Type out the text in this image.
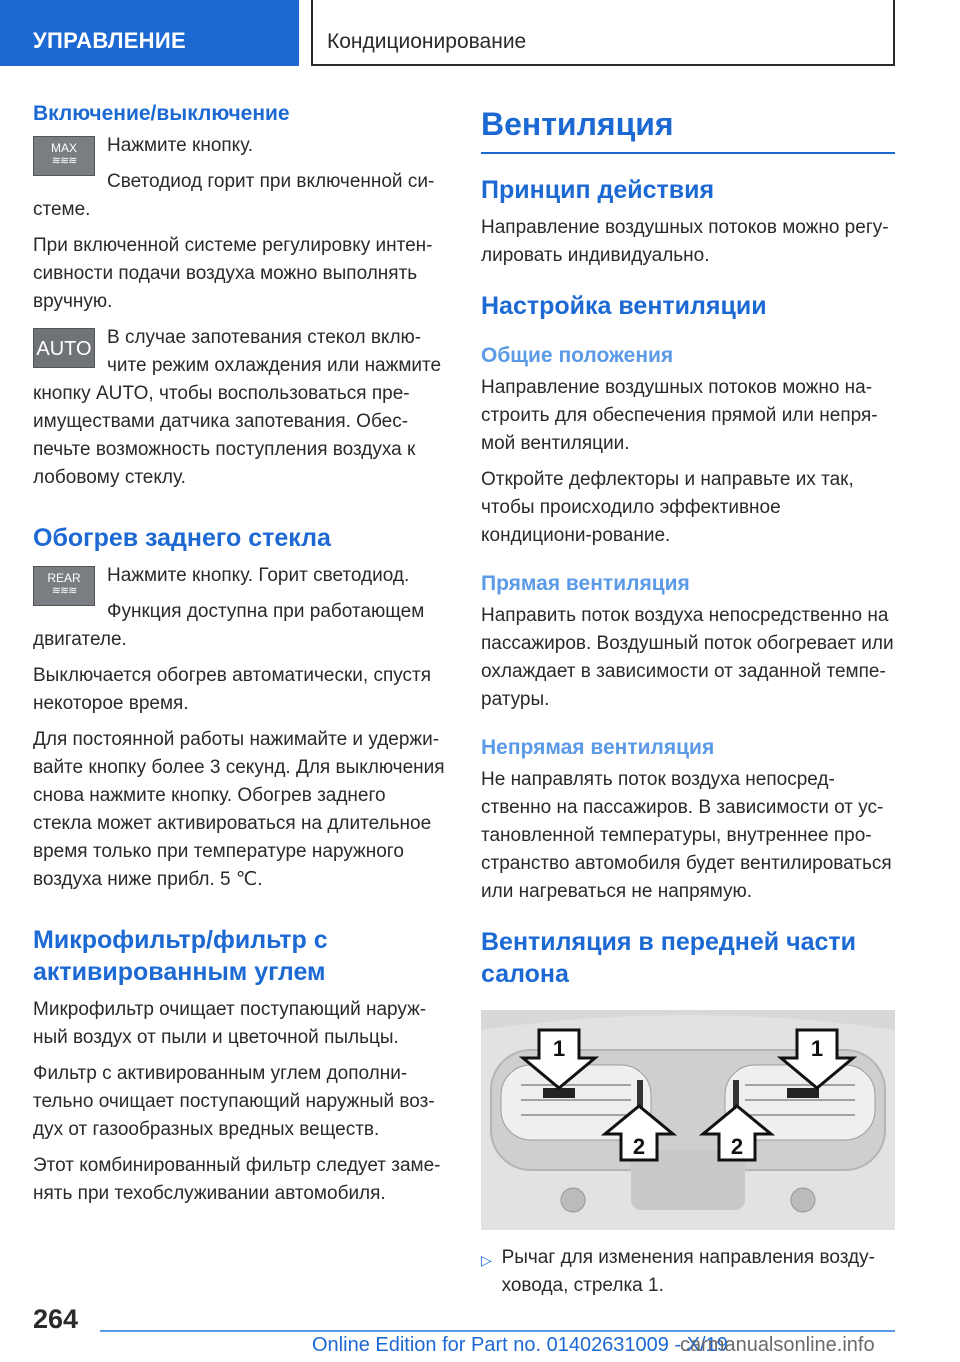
УПРАВЛЕНИЕ	Кондиционирование
Включение/выключение
MAX
≋≋≋

Нажмите кнопку.

Светодиод горит при включенной си-стеме.

При включенной системе регулировку интен-сивности подачи воздуха можно выполнять вручную.

AUTO

В случае запотевания стекол вклю-чите режим охлаждения или нажмите кнопку AUTO, чтобы воспользоваться пре-имуществами датчика запотевания. Обес-печьте возможность поступления воздуха к лобовому стеклу.

Обогрев заднего стекла
REAR
≋≋≋

Нажмите кнопку. Горит светодиод.

Функция доступна при работающем двигателе.

Выключается обогрев автоматически, спустя некоторое время.

Для постоянной работы нажимайте и удержи-вайте кнопку более 3 секунд. Для выключения снова нажмите кнопку. Обогрев заднего стекла может активироваться на длительное время только при температуре наружного воздуха ниже прибл. 5 ℃.

Микрофильтр/фильтр с активированным углем

Микрофильтр очищает поступающий наруж-ный воздух от пыли и цветочной пыльцы.

Фильтр с активированным углем дополни-тельно очищает поступающий наружный воз-дух от газообразных вредных веществ.

Этот комбинированный фильтр следует заме-нять при техобслуживании автомобиля.

Вентиляция
Принцип действия

Направление воздушных потоков можно регу-лировать индивидуально.

Настройка вентиляции
Общие положения

Направление воздушных потоков можно на-строить для обеспечения прямой или непря-мой вентиляции.

Откройте дефлекторы и направьте их так, чтобы происходило эффективное кондициони-рование.

Прямая вентиляция

Направить поток воздуха непосредственно на пассажиров. Воздушный поток обогревает или охлаждает в зависимости от заданной темпе-ратуры.

Непрямая вентиляция

Не направлять поток воздуха непосред-ственно на пассажиров. В зависимости от ус-тановленной температуры, внутреннее про-странство автомобиля будет вентилироваться или нагреваться не напрямую.

Вентиляция в передней части салона
1	1
2	2
▷ Рычаг для изменения направления возду-ховода, стрелка 1.
264
Online Edition for Part no. 01402631009 - X/19
carmanualsonline.info
